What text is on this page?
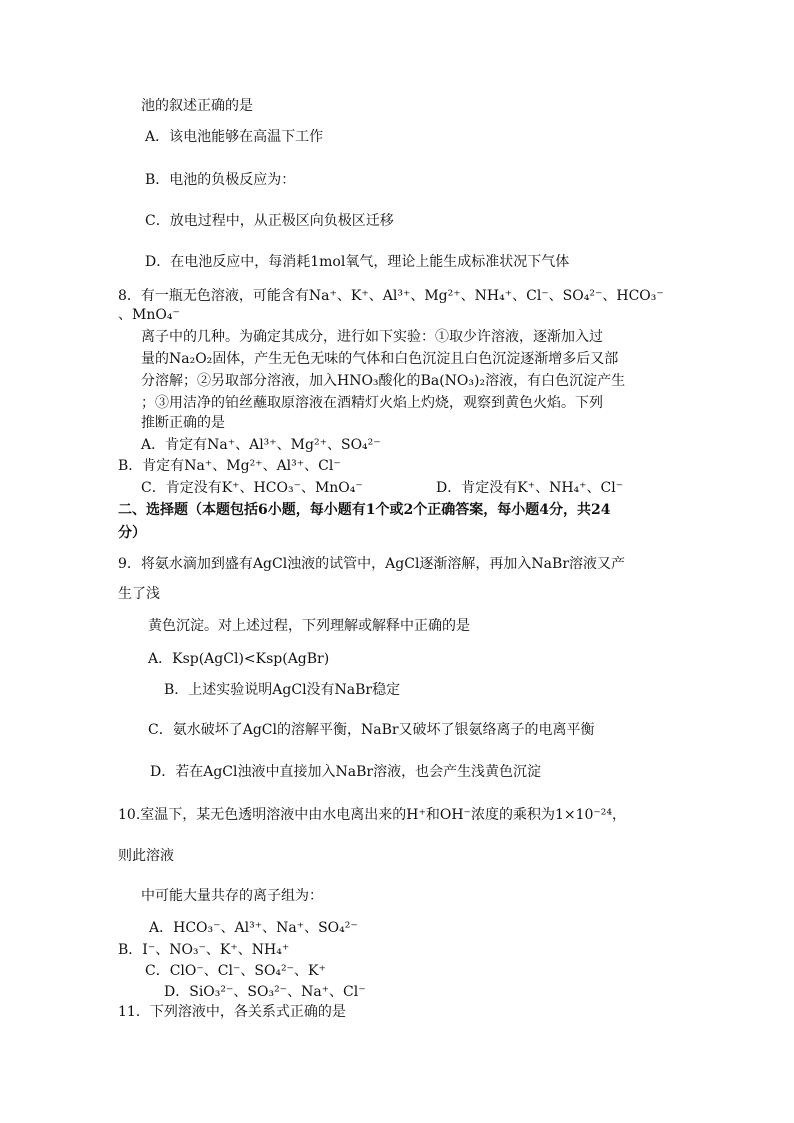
池的叙述正确的是
A．该电池能够在高温下工作
B．电池的负极反应为：
C．放电过程中，从正极区向负极区迁移
D．在电池反应中，每消耗1mol氧气，理论上能生成标准状况下气体
8．有一瓶无色溶液，可能含有Na⁺、K⁺、Al³⁺、Mg²⁺、NH₄⁺、Cl⁻、SO₄²⁻、HCO₃⁻
、MnO₄⁻
离子中的几种。为确定其成分，进行如下实验：①取少许溶液，逐渐加入过
量的Na₂O₂固体，产生无色无味的气体和白色沉淀且白色沉淀逐渐增多后又部
分溶解；②另取部分溶液，加入HNO₃酸化的Ba(NO₃)₂溶液，有白色沉淀产生
；③用洁净的铂丝蘸取原溶液在酒精灯火焰上灼烧，观察到黄色火焰。下列
推断正确的是
A．肯定有Na⁺、Al³⁺、Mg²⁺、SO₄²⁻
B．肯定有Na⁺、Mg²⁺、Al³⁺、Cl⁻
C．肯定没有K⁺、HCO₃⁻、MnO₄⁻	D．肯定没有K⁺、NH₄⁺、Cl⁻
二、选择题（本题包括6小题，每小题有1个或2个正确答案，每小题4分，共24
分）
9．将氨水滴加到盛有AgCl浊液的试管中，AgCl逐渐溶解，再加入NaBr溶液又产
生了浅
黄色沉淀。对上述过程，下列理解或解释中正确的是
A．Ksp(AgCl)<Ksp(AgBr)
B．上述实验说明AgCl没有NaBr稳定
C．氨水破坏了AgCl的溶解平衡，NaBr又破坏了银氨络离子的电离平衡
D．若在AgCl浊液中直接加入NaBr溶液，也会产生浅黄色沉淀
10.室温下，某无色透明溶液中由水电离出来的H⁺和OH⁻浓度的乘积为1×10⁻²⁴，
则此溶液
中可能大量共存的离子组为：
A．HCO₃⁻、Al³⁺、Na⁺、SO₄²⁻
B．I⁻、NO₃⁻、K⁺、NH₄⁺
C．ClO⁻、Cl⁻、SO₄²⁻、K⁺
D．SiO₃²⁻、SO₃²⁻、Na⁺、Cl⁻
11．下列溶液中，各关系式正确的是
